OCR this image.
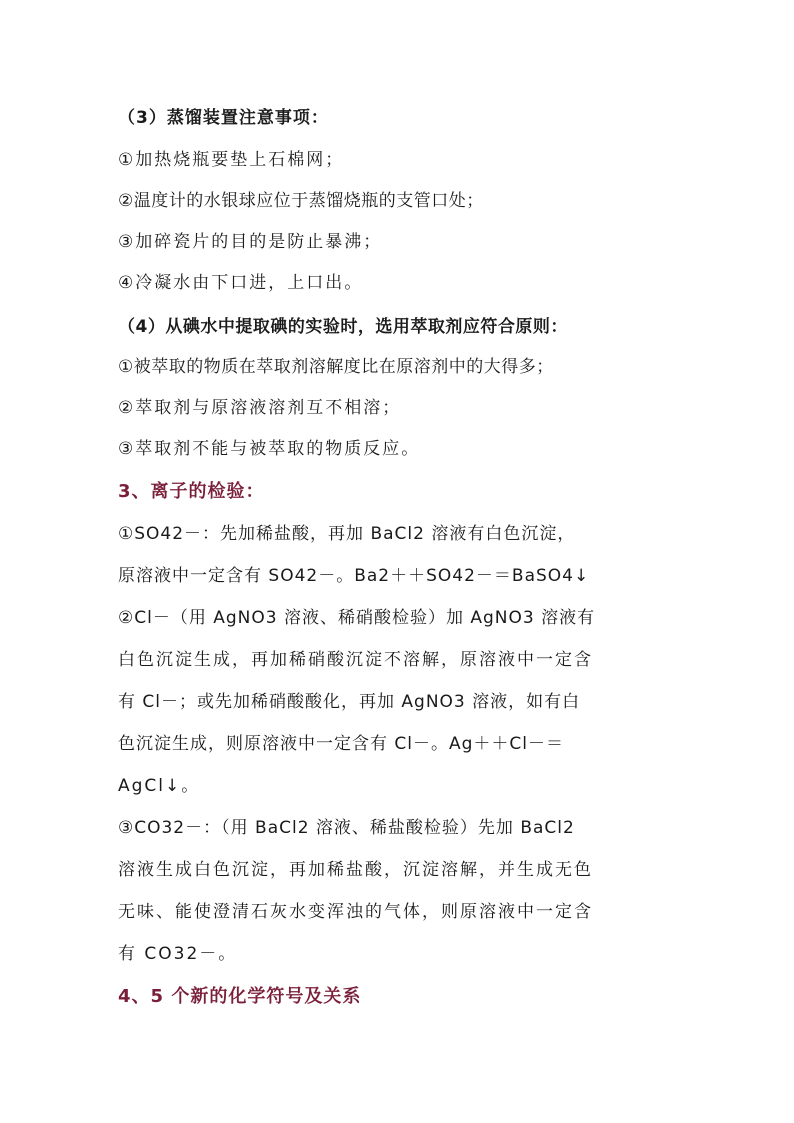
（3）蒸馏装置注意事项：
①加热烧瓶要垫上石棉网；
②温度计的水银球应位于蒸馏烧瓶的支管口处；
③加碎瓷片的目的是防止暴沸；
④冷凝水由下口进，上口出。
（4）从碘水中提取碘的实验时，选用萃取剂应符合原则：
①被萃取的物质在萃取剂溶解度比在原溶剂中的大得多；
②萃取剂与原溶液溶剂互不相溶；
③萃取剂不能与被萃取的物质反应。
3、离子的检验：
①SO42－：先加稀盐酸，再加 BaCl2 溶液有白色沉淀，
原溶液中一定含有 SO42－。Ba2＋＋SO42－＝BaSO4↓
②Cl－（用 AgNO3 溶液、稀硝酸检验）加 AgNO3 溶液有
白色沉淀生成，再加稀硝酸沉淀不溶解，原溶液中一定含
有 Cl－；或先加稀硝酸酸化，再加 AgNO3 溶液，如有白
色沉淀生成，则原溶液中一定含有 Cl－。Ag＋＋Cl－＝
AgCl↓。
③CO32－：（用 BaCl2 溶液、稀盐酸检验）先加 BaCl2
溶液生成白色沉淀，再加稀盐酸，沉淀溶解，并生成无色
无味、能使澄清石灰水变浑浊的气体，则原溶液中一定含
有 CO32－。
4、5 个新的化学符号及关系
